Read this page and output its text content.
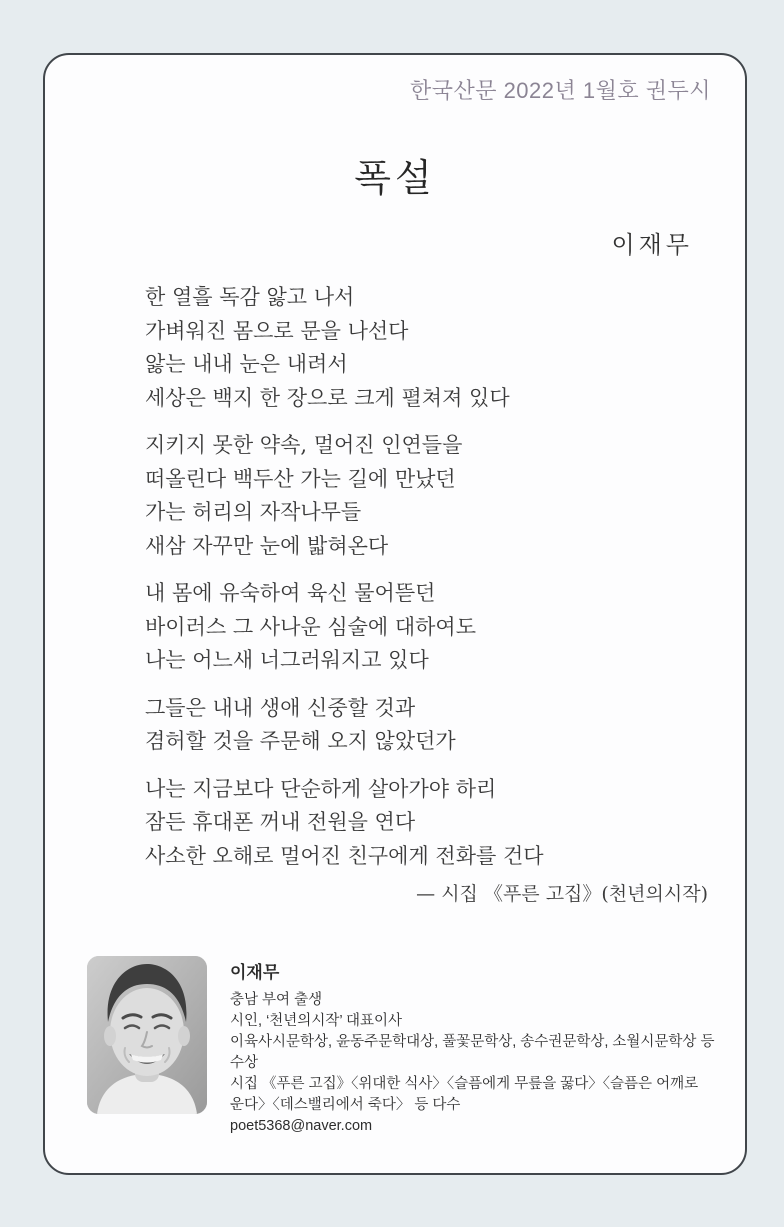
한국산문 2022년 1월호 권두시
폭설
이재무

한 열흘 독감 앓고 나서
가벼워진 몸으로 문을 나선다
앓는 내내 눈은 내려서
세상은 백지 한 장으로 크게 펼쳐져 있다

지키지 못한 약속, 멀어진 인연들을
떠올린다 백두산 가는 길에 만났던
가는 허리의 자작나무들
새삼 자꾸만 눈에 밟혀온다

내 몸에 유숙하여 육신 물어뜯던
바이러스 그 사나운 심술에 대하여도
나는 어느새 너그러워지고 있다

그들은 내내 생애 신중할 것과
겸허할 것을 주문해 오지 않았던가

나는 지금보다 단순하게 살아가야 하리
잠든 휴대폰 꺼내 전원을 연다
사소한 오해로 멀어진 친구에게 전화를 건다

— 시집 《푸른 고집》(천년의시작)
이재무
충남 부여 출생
시인, ‘천년의시작’ 대표이사
이육사시문학상, 윤동주문학대상, 풀꽃문학상, 송수권문학상, 소월시문학상 등
수상
시집 《푸른 고집》〈위대한 식사〉〈슬픔에게 무릎을 꿇다〉〈슬픔은 어깨로
운다〉〈데스밸리에서 죽다〉 등 다수
poet5368@naver.com
